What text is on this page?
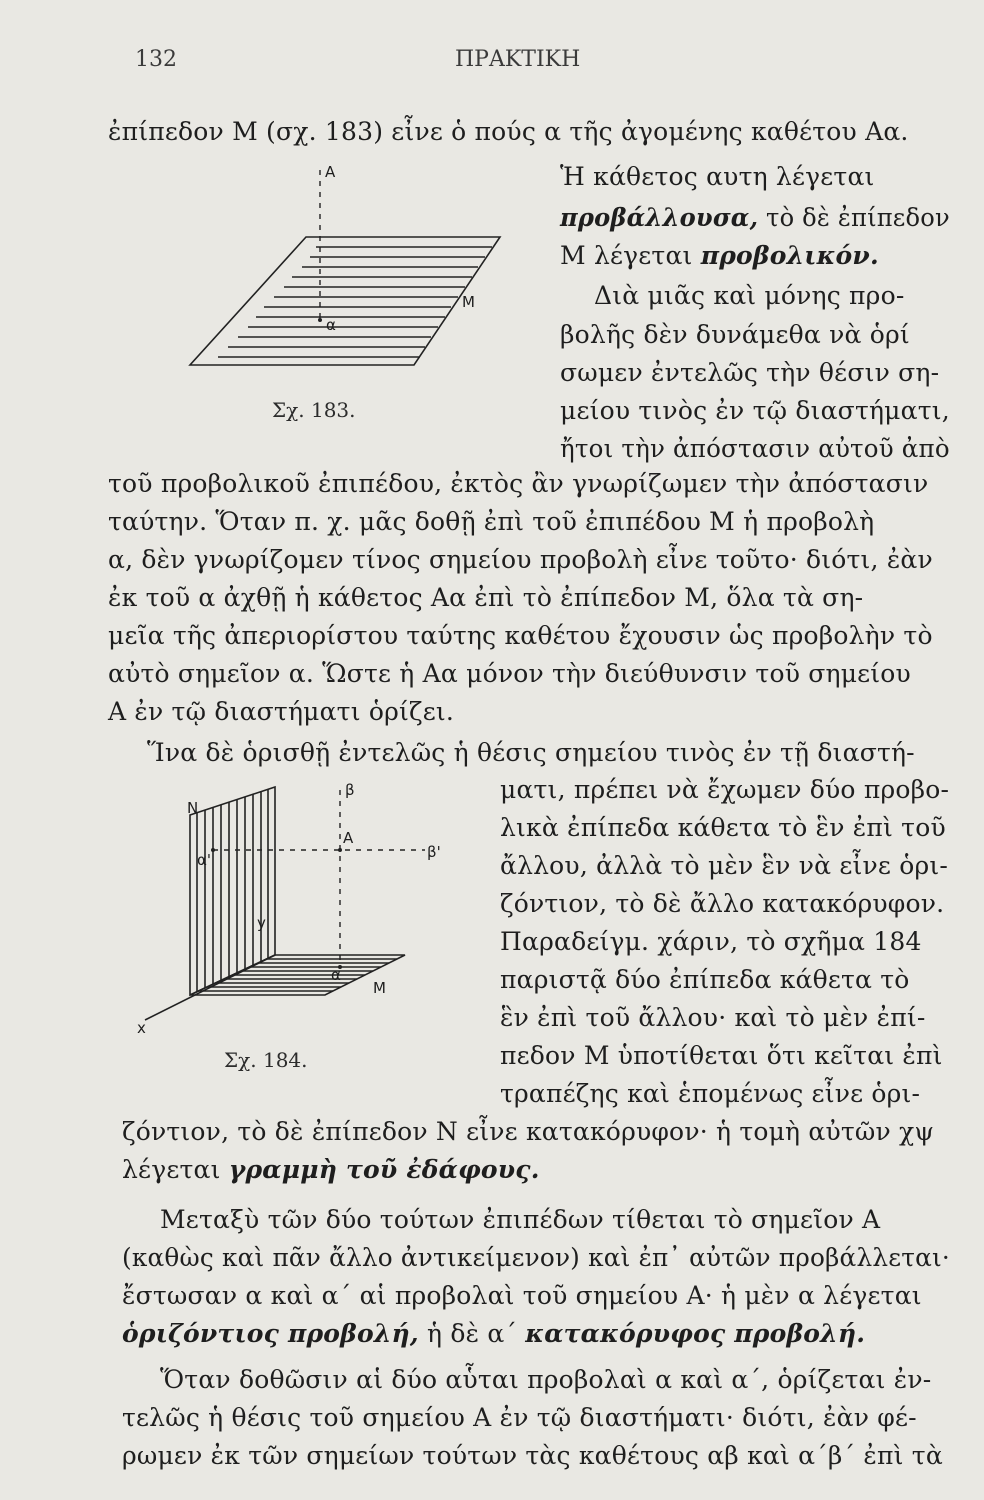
132	ΠΡΑΚΤΙΚΗ
A
α
M
Σχ. 183.
β
N
α'
A
β'
y
α
M
x
Σχ. 184.
ἐπίπεδον Μ (σχ. 183) εἶνε ὁ πούς α τῆς ἀγομένης καθέτου Αα.
Ἡ κάθετος αυτη λέγεται
προβάλλουσα, τὸ δὲ ἐπίπεδον
Μ λέγεται προβολικόν.
Διὰ μιᾶς καὶ μόνης προ-
βολῆς δὲν δυνάμεθα νὰ ὁρί
σωμεν ἐντελῶς τὴν θέσιν ση-
μείου τινὸς ἐν τῷ διαστήματι,
ἤτοι τὴν ἀπόστασιν αὐτοῦ ἀπὸ
τοῦ προβολικοῦ ἐπιπέδου, ἐκτὸς ἂν γνωρίζωμεν τὴν ἀπόστασιν
ταύτην. Ὅταν π. χ. μᾶς δοθῇ ἐπὶ τοῦ ἐπιπέδου Μ ἡ προβολὴ
α, δὲν γνωρίζομεν τίνος σημείου προβολὴ εἶνε τοῦτο· διότι, ἐὰν
ἐκ τοῦ α ἀχθῇ ἡ κάθετος Αα ἐπὶ τὸ ἐπίπεδον Μ, ὅλα τὰ ση-
μεῖα τῆς ἀπεριορίστου ταύτης καθέτου ἔχουσιν ὡς προβολὴν τὸ
αὐτὸ σημεῖον α. Ὥστε ἡ Αα μόνον τὴν διεύθυνσιν τοῦ σημείου
Α ἐν τῷ διαστήματι ὁρίζει.
Ἵνα δὲ ὁρισθῇ ἐντελῶς ἡ θέσις σημείου τινὸς ἐν τῇ διαστή-
ματι, πρέπει νὰ ἔχωμεν δύο προβο-
λικὰ ἐπίπεδα κάθετα τὸ ἓν ἐπὶ τοῦ
ἄλλου, ἀλλὰ τὸ μὲν ἓν νὰ εἶνε ὁρι-
ζόντιον, τὸ δὲ ἄλλο κατακόρυφον.
Παραδείγμ. χάριν, τὸ σχῆμα 184
παριστᾷ δύο ἐπίπεδα κάθετα τὸ
ἓν ἐπὶ τοῦ ἄλλου· καὶ τὸ μὲν ἐπί-
πεδον Μ ὑποτίθεται ὅτι κεῖται ἐπὶ
τραπέζης καὶ ἑπομένως εἶνε ὁρι-
ζόντιον, τὸ δὲ ἐπίπεδον Ν εἶνε κατακόρυφον· ἡ τομὴ αὐτῶν χψ
λέγεται γραμμὴ τοῦ ἐδάφους.
Μεταξὺ τῶν δύο τούτων ἐπιπέδων τίθεται τὸ σημεῖον Α
(καθὼς καὶ πᾶν ἄλλο ἀντικείμενον) καὶ ἐπ᾽ αὐτῶν προβάλλεται·
ἔστωσαν α καὶ α΄ αἱ προβολαὶ τοῦ σημείου Α· ἡ μὲν α λέγεται
ὁριζόντιος προβολή, ἡ δὲ α΄ κατακόρυφος προβολή.
Ὅταν δοθῶσιν αἱ δύο αὗται προβολαὶ α καὶ α΄, ὁρίζεται ἐν-
τελῶς ἡ θέσις τοῦ σημείου Α ἐν τῷ διαστήματι· διότι, ἐὰν φέ-
ρωμεν ἐκ τῶν σημείων τούτων τὰς καθέτους αβ καὶ α΄β΄ ἐπὶ τὰ
